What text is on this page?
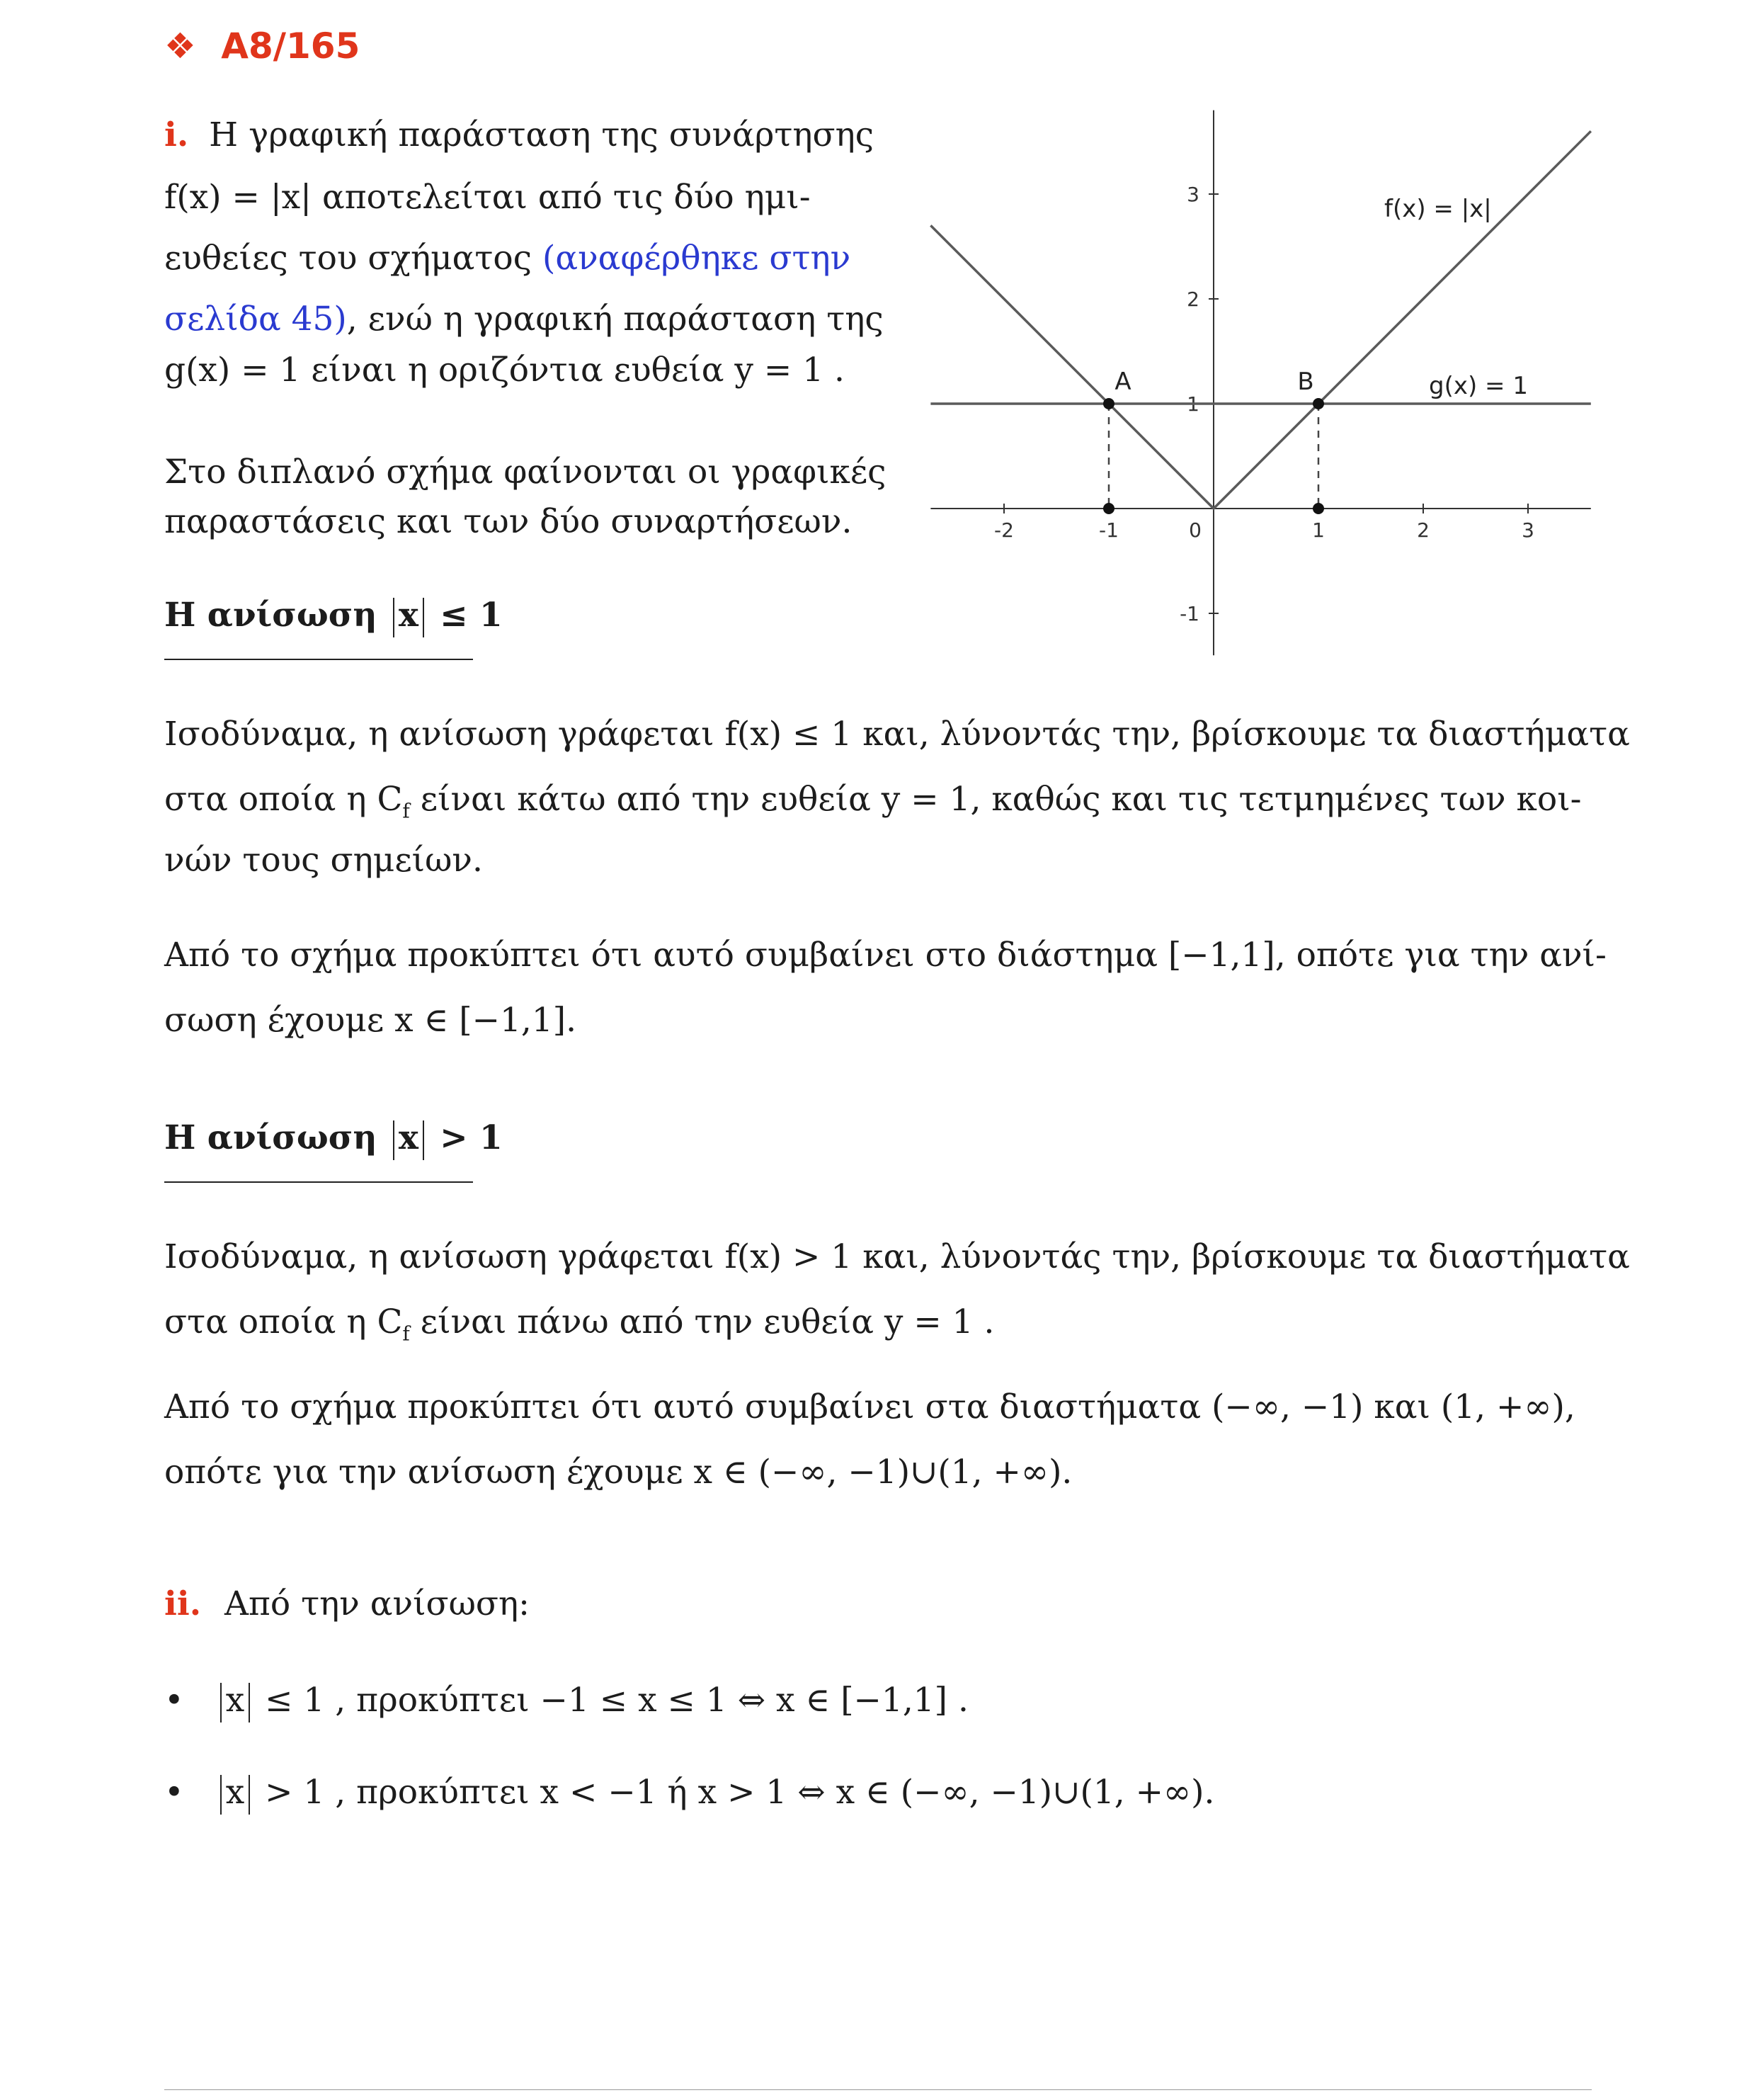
❖ A8/165
i. Η γραφική παράσταση της συνάρτησης
f(x) = |x| αποτελείται από τις δύο ημι-
ευθείες του σχήματος (αναφέρθηκε στην
σελίδα 45), ενώ η γραφική παράσταση της
g(x) = 1 είναι η οριζόντια ευθεία y = 1 .
Στο διπλανό σχήμα φαίνονται οι γραφικές
παραστάσεις και των δύο συναρτήσεων.	-2	-1	0	1	2	3
3
2
1
-1
f(x) = |x|
g(x) = 1
A	B
Η ανίσωση x ≤ 1
Ισοδύναμα, η ανίσωση γράφεται f(x) ≤ 1 και, λύνοντάς την, βρίσκουμε τα διαστήματα
στα οποία η $C_f$ είναι κάτω από την ευθεία y = 1, καθώς και τις τετμημένες των κοι-
νών τους σημείων.
Από το σχήμα προκύπτει ότι αυτό συμβαίνει στο διάστημα [−1,1], οπότε για την ανί-
σωση έχουμε x ∈ [−1,1].
Η ανίσωση x > 1
Ισοδύναμα, η ανίσωση γράφεται f(x) > 1 και, λύνοντάς την, βρίσκουμε τα διαστήματα
στα οποία η $C_f$ είναι πάνω από την ευθεία y = 1 .
Από το σχήμα προκύπτει ότι αυτό συμβαίνει στα διαστήματα (−∞, −1) και (1, +∞),
οπότε για την ανίσωση έχουμε x ∈ (−∞, −1)∪(1, +∞).
ii. Από την ανίσωση:
• x ≤ 1 , προκύπτει −1 ≤ x ≤ 1 ⇔ x ∈ [−1,1] .
• x > 1 , προκύπτει x < −1 ή x > 1 ⇔ x ∈ (−∞, −1)∪(1, +∞).
